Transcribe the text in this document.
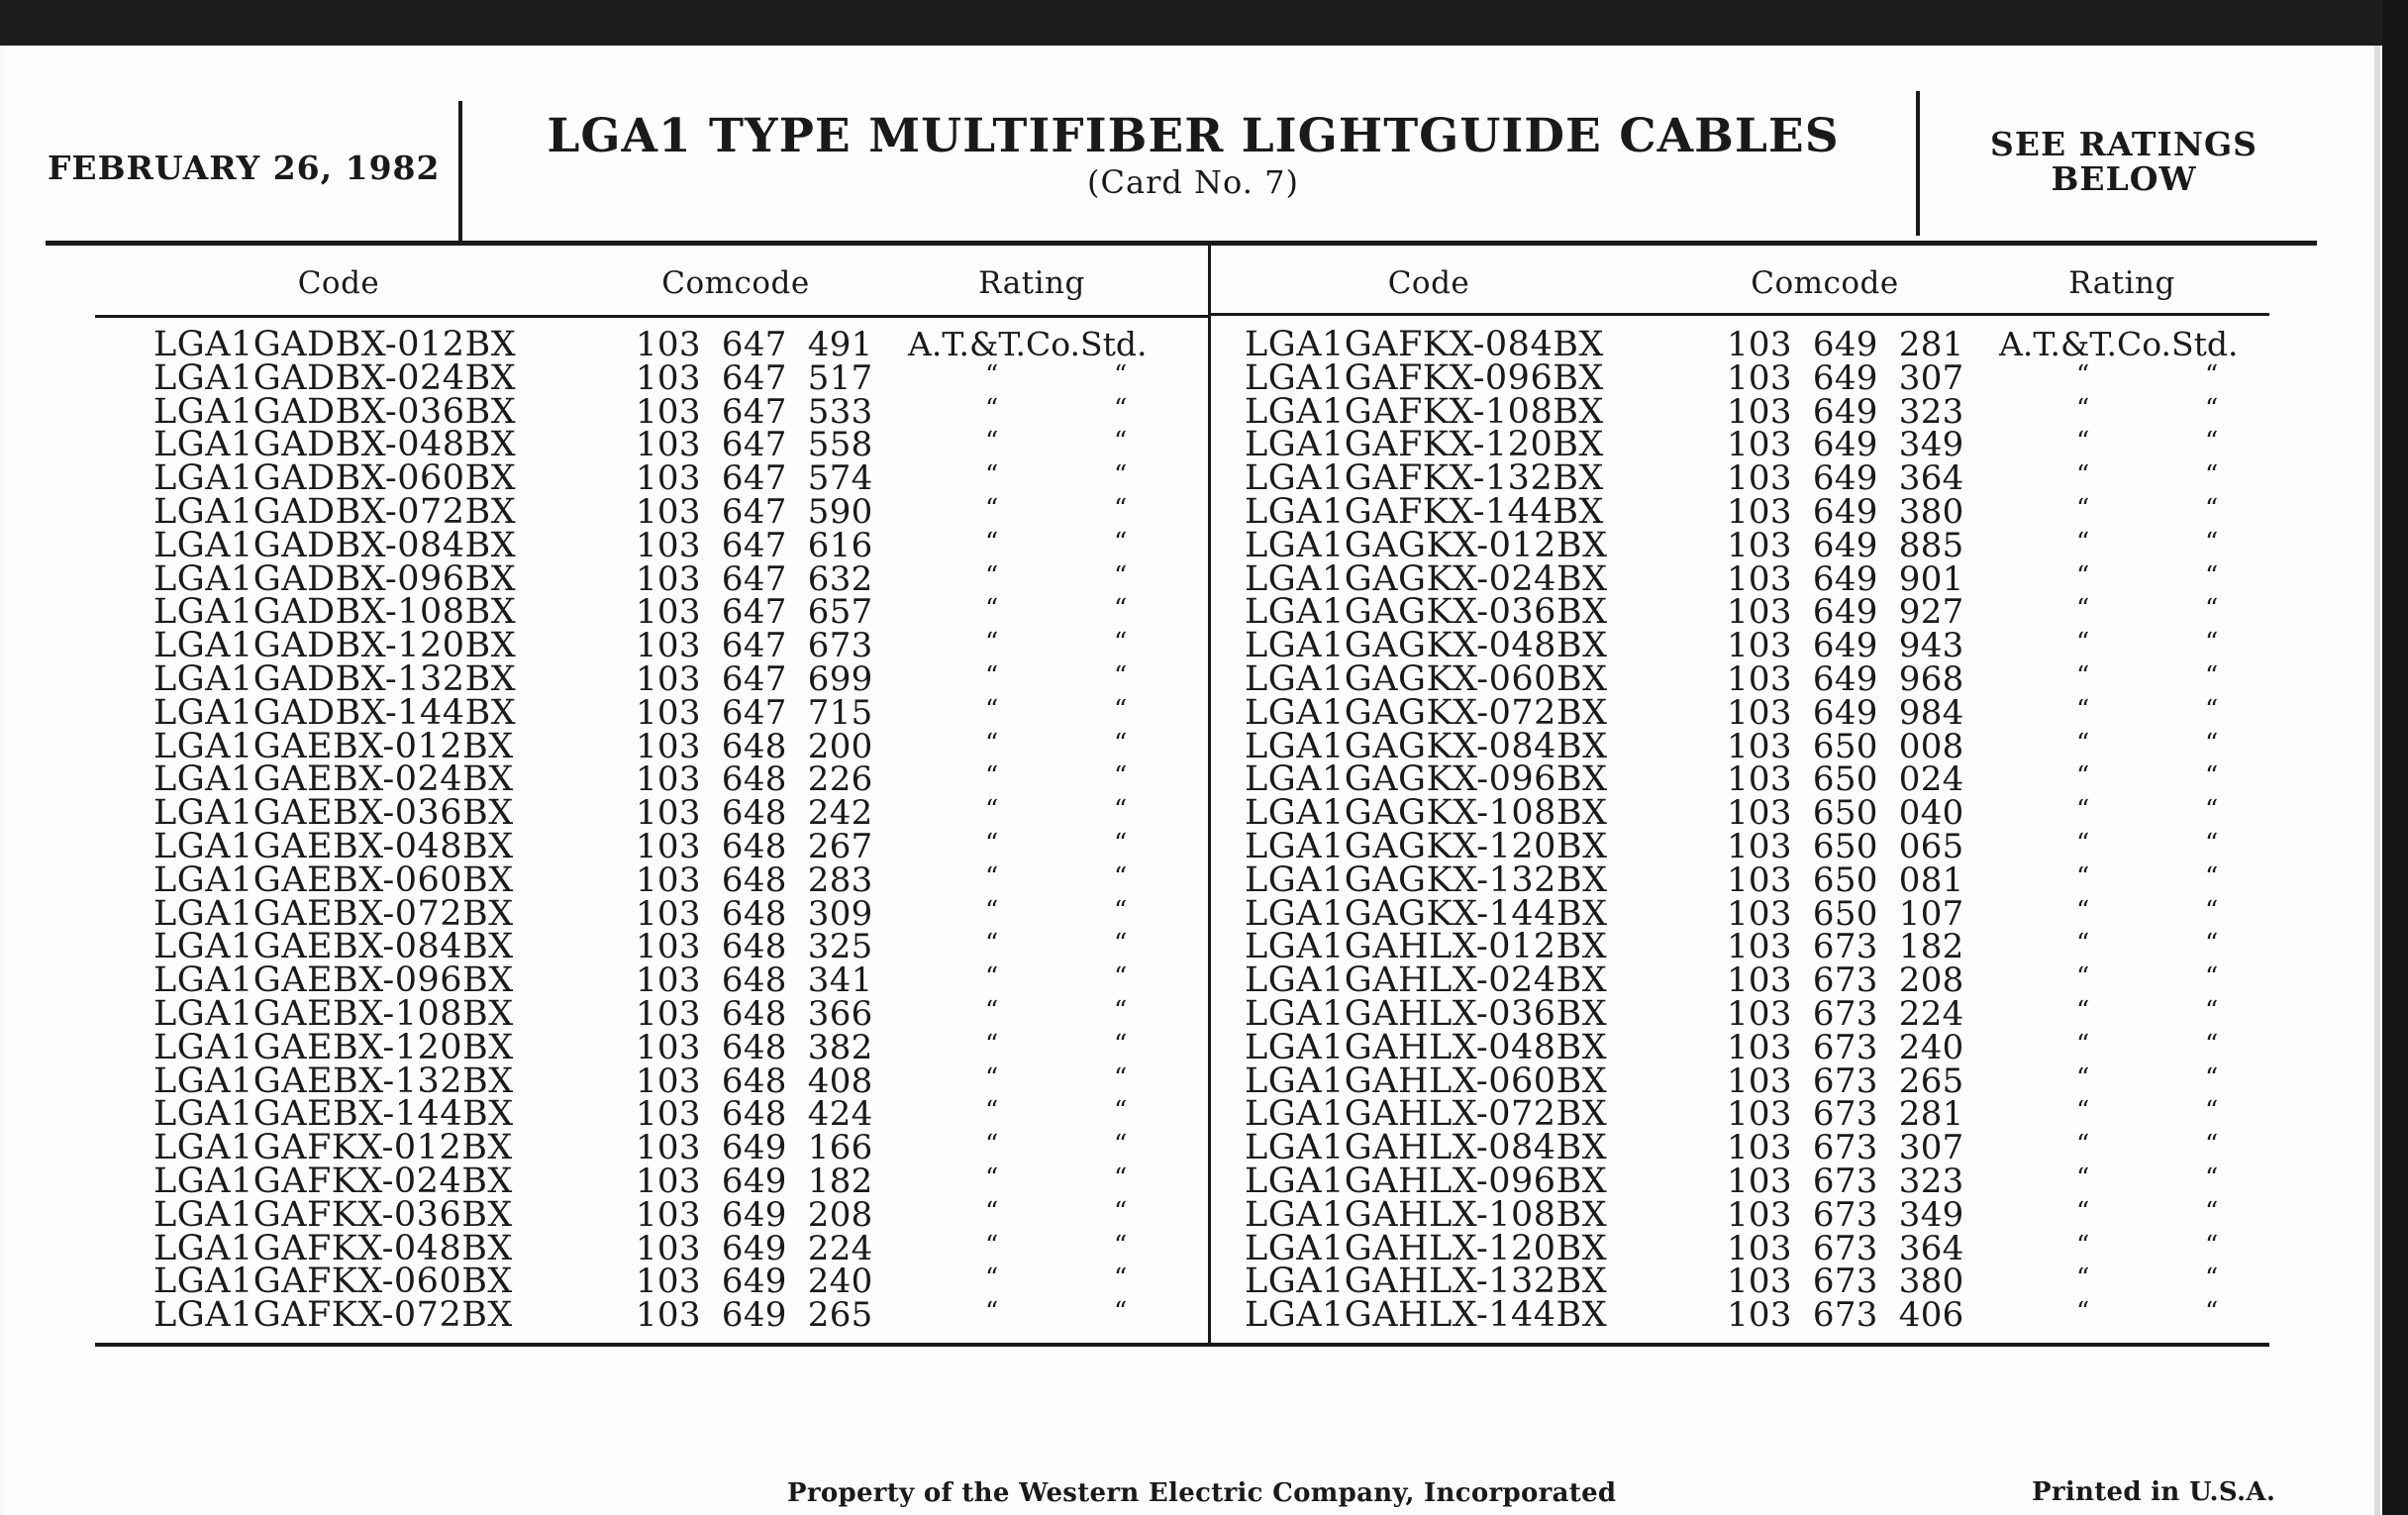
FEBRUARY 26, 1982
LGA1 TYPE MULTIFIBER LIGHTGUIDE CABLES
(Card No. 7)
SEE RATINGS
BELOW
Code	Comcode	Rating	Code	Comcode	Rating
LGA1GADBX-012BX	103 647 491 A.T.&T.Co.Std.
LGA1GADBX-024BX	103 647 517	“	“
LGA1GADBX-036BX	103 647 533	“	“
LGA1GADBX-048BX	103 647 558	“	“
LGA1GADBX-060BX	103 647 574	“	“
LGA1GADBX-072BX	103 647 590	“	“
LGA1GADBX-084BX	103 647 616	“	“
LGA1GADBX-096BX	103 647 632	“	“
LGA1GADBX-108BX	103 647 657	“	“
LGA1GADBX-120BX	103 647 673	“	“
LGA1GADBX-132BX	103 647 699	“	“
LGA1GADBX-144BX	103 647 715	“	“
LGA1GAEBX-012BX	103 648 200	“	“
LGA1GAEBX-024BX	103 648 226	“	“
LGA1GAEBX-036BX	103 648 242	“	“
LGA1GAEBX-048BX	103 648 267	“	“
LGA1GAEBX-060BX	103 648 283	“	“
LGA1GAEBX-072BX	103 648 309	“	“
LGA1GAEBX-084BX	103 648 325	“	“
LGA1GAEBX-096BX	103 648 341	“	“
LGA1GAEBX-108BX	103 648 366	“	“
LGA1GAEBX-120BX	103 648 382	“	“
LGA1GAEBX-132BX	103 648 408	“	“
LGA1GAEBX-144BX	103 648 424	“	“
LGA1GAFKX-012BX	103 649 166	“	“
LGA1GAFKX-024BX	103 649 182	“	“
LGA1GAFKX-036BX	103 649 208	“	“
LGA1GAFKX-048BX	103 649 224	“	“
LGA1GAFKX-060BX	103 649 240	“	“
LGA1GAFKX-072BX	103 649 265	“	“
LGA1GAFKX-084BX	103 649 281 A.T.&T.Co.Std.
LGA1GAFKX-096BX	103 649 307	“	“
LGA1GAFKX-108BX	103 649 323	“	“
LGA1GAFKX-120BX	103 649 349	“	“
LGA1GAFKX-132BX	103 649 364	“	“
LGA1GAFKX-144BX	103 649 380	“	“
LGA1GAGKX-012BX	103 649 885	“	“
LGA1GAGKX-024BX	103 649 901	“	“
LGA1GAGKX-036BX	103 649 927	“	“
LGA1GAGKX-048BX	103 649 943	“	“
LGA1GAGKX-060BX	103 649 968	“	“
LGA1GAGKX-072BX	103 649 984	“	“
LGA1GAGKX-084BX	103 650 008	“	“
LGA1GAGKX-096BX	103 650 024	“	“
LGA1GAGKX-108BX	103 650 040	“	“
LGA1GAGKX-120BX	103 650 065	“	“
LGA1GAGKX-132BX	103 650 081	“	“
LGA1GAGKX-144BX	103 650 107	“	“
LGA1GAHLX-012BX	103 673 182	“	“
LGA1GAHLX-024BX	103 673 208	“	“
LGA1GAHLX-036BX	103 673 224	“	“
LGA1GAHLX-048BX	103 673 240	“	“
LGA1GAHLX-060BX	103 673 265	“	“
LGA1GAHLX-072BX	103 673 281	“	“
LGA1GAHLX-084BX	103 673 307	“	“
LGA1GAHLX-096BX	103 673 323	“	“
LGA1GAHLX-108BX	103 673 349	“	“
LGA1GAHLX-120BX	103 673 364	“	“
LGA1GAHLX-132BX	103 673 380	“	“
LGA1GAHLX-144BX	103 673 406	“	“
Property of the Western Electric Company, Incorporated	Printed in U.S.A.
